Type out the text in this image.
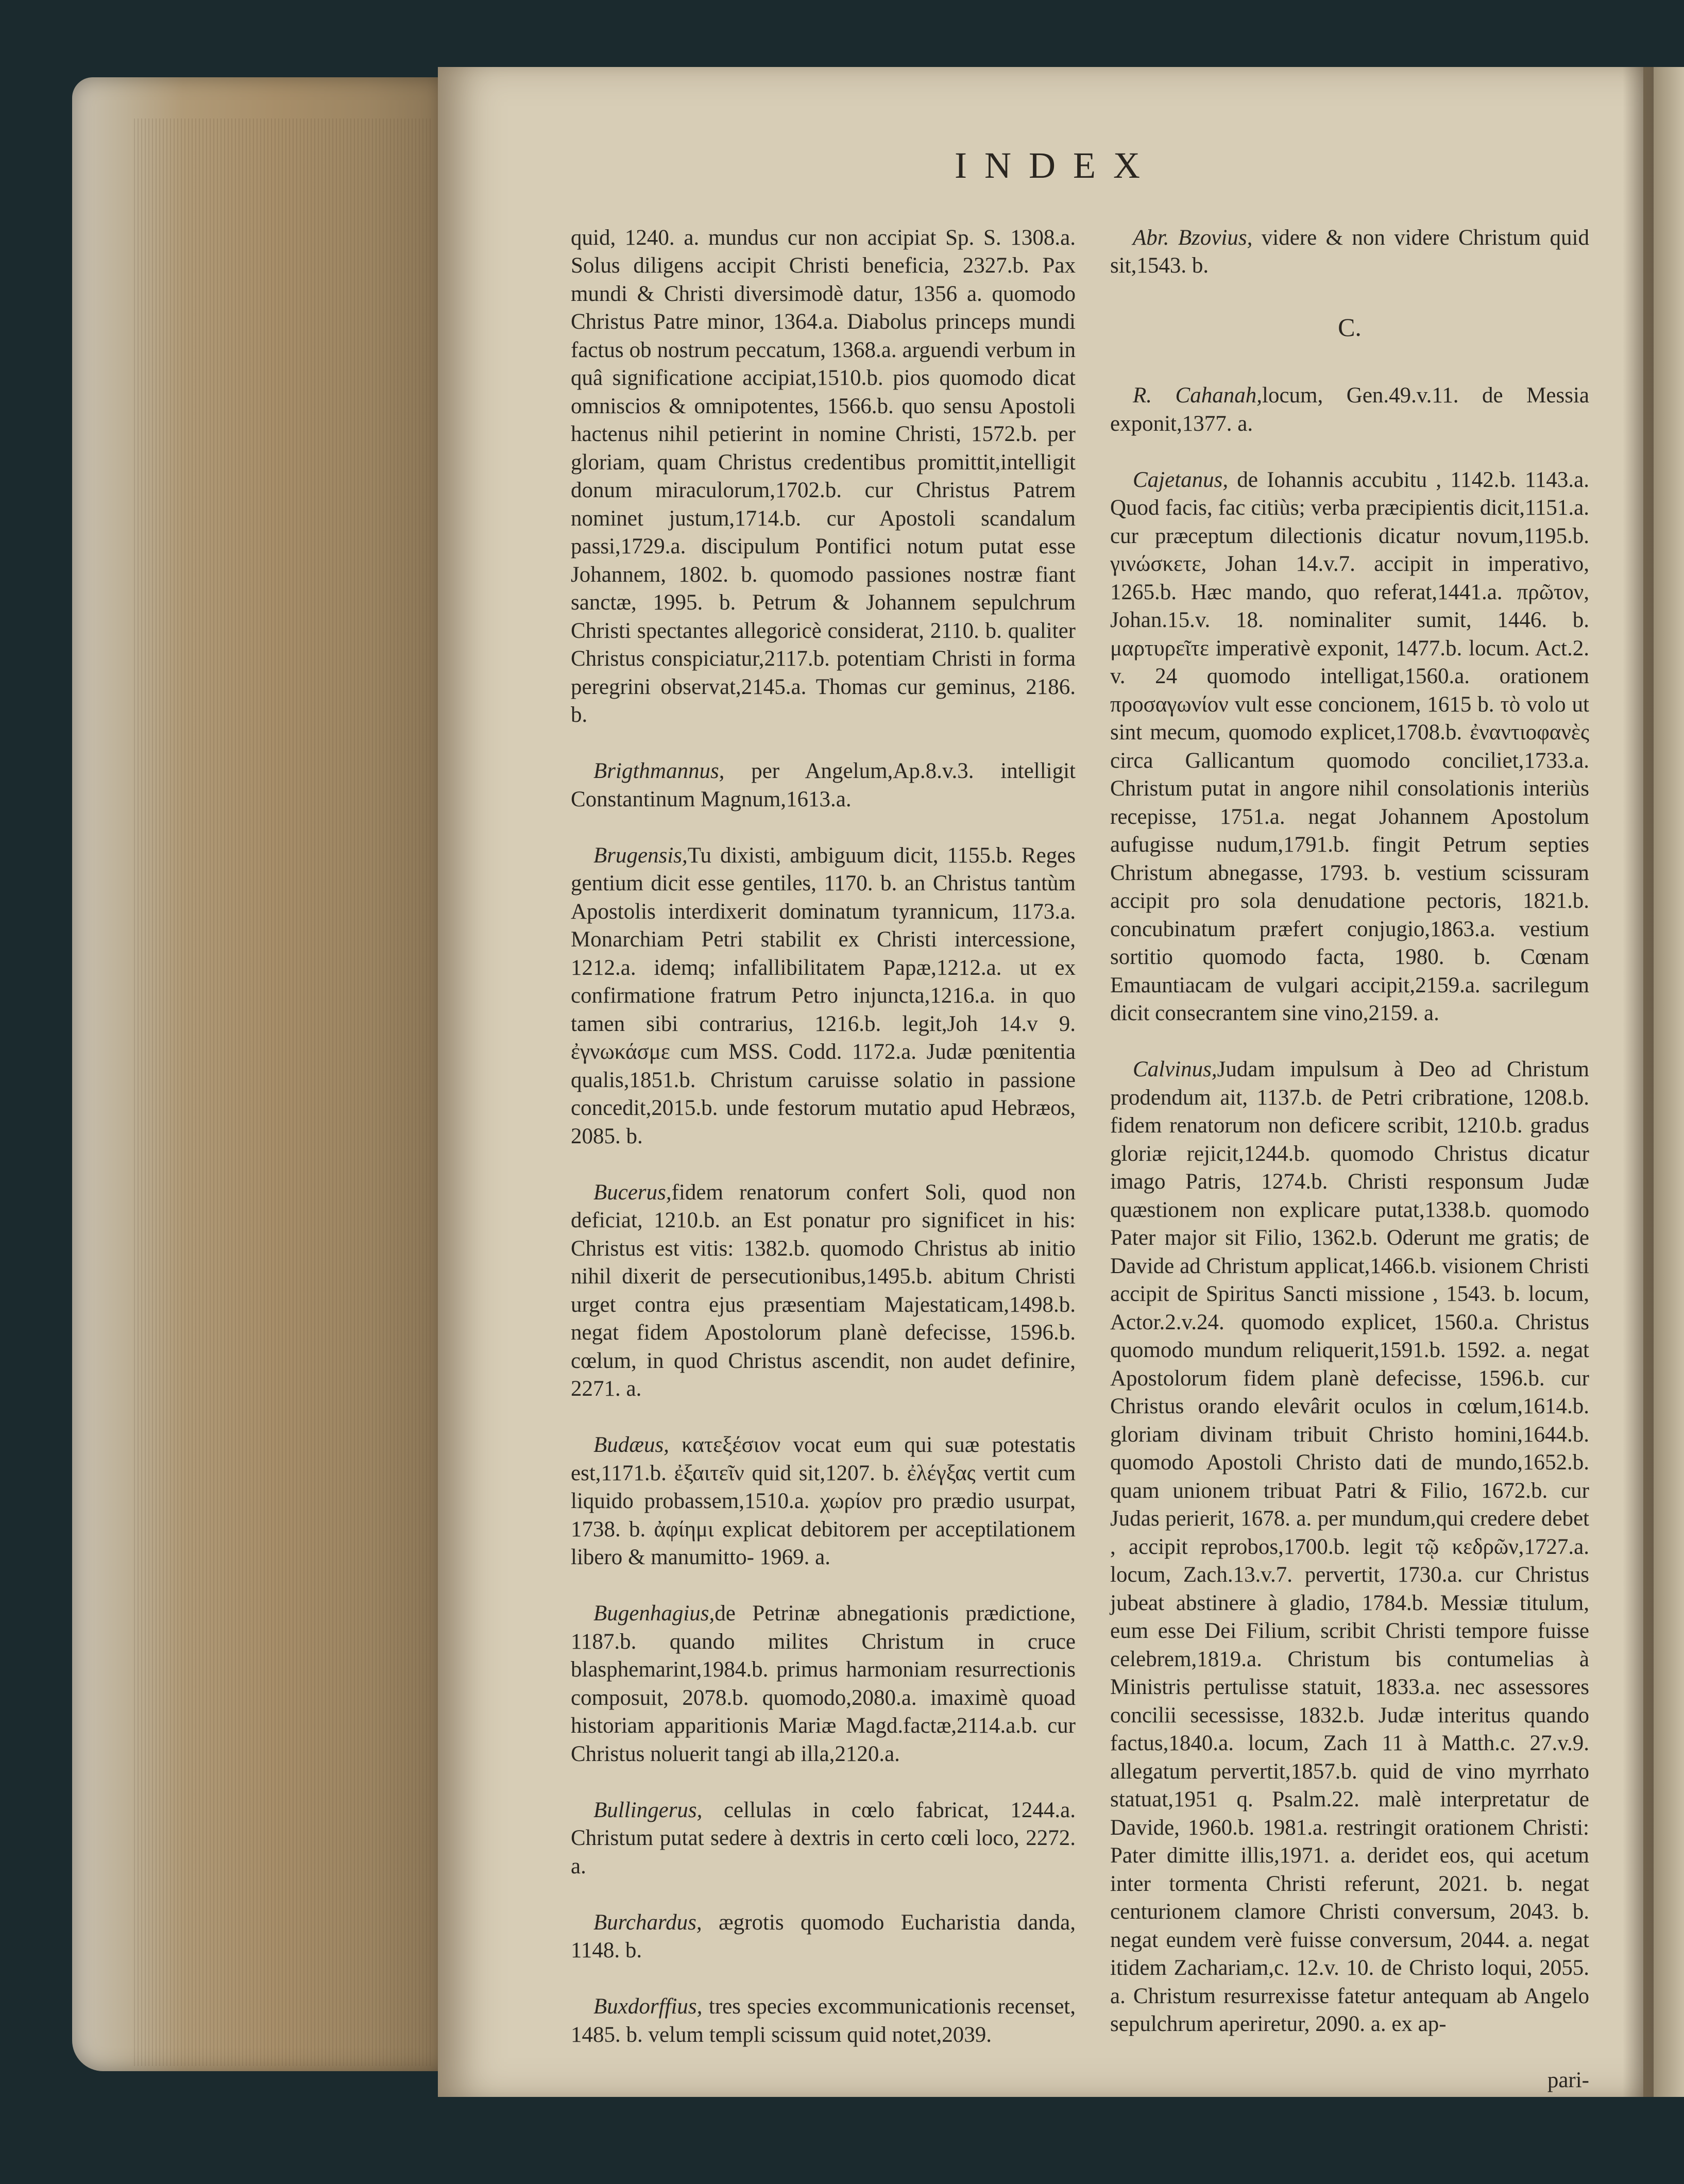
INDEX

quid, 1240. a. mundus cur non accipiat Sp. S. 1308.a. Solus diligens accipit Christi beneficia, 2327.b. Pax mundi & Christi diversimodè datur, 1356 a. quomodo Christus Patre minor, 1364.a. Diabolus princeps mundi factus ob nostrum peccatum, 1368.a. arguendi verbum in quâ significatione accipiat,1510.b. pios quomodo dicat omniscios & omnipotentes, 1566.b. quo sensu Apostoli hactenus nihil petierint in nomine Christi, 1572.b. per gloriam, quam Christus credentibus promittit,intelligit donum miraculorum,1702.b. cur Christus Patrem nominet justum,1714.b. cur Apostoli scandalum passi,1729.a. discipulum Pontifici notum putat esse Johannem, 1802. b. quomodo passiones nostræ fiant sanctæ, 1995. b. Petrum & Johannem sepulchrum Christi spectantes allegoricè considerat, 2110. b. qualiter Christus conspiciatur,2117.b. potentiam Christi in forma peregrini observat,2145.a. Thomas cur geminus, 2186. b.

Brigthmannus, per Angelum,Ap.8.v.3. intelligit Constantinum Magnum,1613.a.

Brugensis,Tu dixisti, ambiguum dicit, 1155.b. Reges gentium dicit esse gentiles, 1170. b. an Christus tantùm Apostolis interdixerit dominatum tyrannicum, 1173.a. Monarchiam Petri stabilit ex Christi intercessione, 1212.a. idemq; infallibilitatem Papæ,1212.a. ut ex confirmatione fratrum Petro injuncta,1216.a. in quo tamen sibi contrarius, 1216.b. legit,Joh 14.v 9. ἐγνωκάσμε cum MSS. Codd. 1172.a. Judæ pœnitentia qualis,1851.b. Christum caruisse solatio in passione concedit,2015.b. unde festorum mutatio apud Hebræos, 2085. b.

Bucerus,fidem renatorum confert Soli, quod non deficiat, 1210.b. an Est ponatur pro significet in his: Christus est vitis: 1382.b. quomodo Christus ab initio nihil dixerit de persecutionibus,1495.b. abitum Christi urget contra ejus præsentiam Majestaticam,1498.b. negat fidem Apostolorum planè defecisse, 1596.b. cœlum, in quod Christus ascendit, non audet definire, 2271. a.

Budæus, κατεξέσιον vocat eum qui suæ potestatis est,1171.b. ἐξαιτεῖν quid sit,1207. b. ἐλέγξας vertit cum liquido probassem,1510.a. χωρίον pro prædio usurpat, 1738. b. ἀφίημι explicat debitorem per acceptilationem libero & manumitto- 1969. a.

Bugenhagius,de Petrinæ abnegationis prædictione, 1187.b. quando milites Christum in cruce blasphemarint,1984.b. primus harmoniam resurrectionis composuit, 2078.b. quomodo,2080.a. imaximè quoad historiam apparitionis Mariæ Magd.factæ,2114.a.b. cur Christus noluerit tangi ab illa,2120.a.

Bullingerus, cellulas in cœlo fabricat, 1244.a. Christum putat sedere à dextris in certo cœli loco, 2272. a.

Burchardus, ægrotis quomodo Eucharistia danda, 1148. b.

Buxdorffius, tres species excommunicationis recenset, 1485. b. velum templi scissum quid notet,2039.

Abr. Bzovius, videre & non videre Christum quid sit,1543. b.

C.

R. Cahanah,locum, Gen.49.v.11. de Messia exponit,1377. a.

Cajetanus, de Iohannis accubitu , 1142.b. 1143.a. Quod facis, fac citiùs; verba præcipientis dicit,1151.a. cur præceptum dilectionis dicatur novum,1195.b. γινώσκετε, Johan 14.v.7. accipit in imperativo, 1265.b. Hæc mando, quo referat,1441.a. πρῶτον, Johan.15.v. 18. nominaliter sumit, 1446. b. μαρτυρεῖτε imperativè exponit, 1477.b. locum. Act.2. v. 24 quomodo intelligat,1560.a. orationem προσαγωνίον vult esse concionem, 1615 b. τὸ volo ut sint mecum, quomodo explicet,1708.b. ἐναντιοφανὲς circa Gallicantum quomodo conciliet,1733.a. Christum putat in angore nihil consolationis interiùs recepisse, 1751.a. negat Johannem Apostolum aufugisse nudum,1791.b. fingit Petrum septies Christum abnegasse, 1793. b. vestium scissuram accipit pro sola denudatione pectoris, 1821.b. concubinatum præfert conjugio,1863.a. vestium sortitio quomodo facta, 1980. b. Cœnam Emauntiacam de vulgari accipit,2159.a. sacrilegum dicit consecrantem sine vino,2159. a.

Calvinus,Judam impulsum à Deo ad Christum prodendum ait, 1137.b. de Petri cribratione, 1208.b. fidem renatorum non deficere scribit, 1210.b. gradus gloriæ rejicit,1244.b. quomodo Christus dicatur imago Patris, 1274.b. Christi responsum Judæ quæstionem non explicare putat,1338.b. quomodo Pater major sit Filio, 1362.b. Oderunt me gratis; de Davide ad Christum applicat,1466.b. visionem Christi accipit de Spiritus Sancti missione , 1543. b. locum, Actor.2.v.24. quomodo explicet, 1560.a. Christus quomodo mundum reliquerit,1591.b. 1592. a. negat Apostolorum fidem planè defecisse, 1596.b. cur Christus orando elevârit oculos in cœlum,1614.b. gloriam divinam tribuit Christo homini,1644.b. quomodo Apostoli Christo dati de mundo,1652.b. quam unionem tribuat Patri & Filio, 1672.b. cur Judas perierit, 1678. a. per mundum,qui credere debet , accipit reprobos,1700.b. legit τῷ κεδρῶν,1727.a. locum, Zach.13.v.7. pervertit, 1730.a. cur Christus jubeat abstinere à gladio, 1784.b. Messiæ titulum, eum esse Dei Filium, scribit Christi tempore fuisse celebrem,1819.a. Christum bis contumelias à Ministris pertulisse statuit, 1833.a. nec assessores concilii secessisse, 1832.b. Judæ interitus quando factus,1840.a. locum, Zach 11 à Matth.c. 27.v.9. allegatum pervertit,1857.b. quid de vino myrrhato statuat,1951 q. Psalm.22. malè interpretatur de Davide, 1960.b. 1981.a. restringit orationem Christi: Pater dimitte illis,1971. a. deridet eos, qui acetum inter tormenta Christi referunt, 2021. b. negat centurionem clamore Christi conversum, 2043. b. negat eundem verè fuisse conversum, 2044. a. negat itidem Zachariam,c. 12.v. 10. de Christo loqui, 2055. a. Christum resurrexisse fatetur antequam ab Angelo sepulchrum aperiretur, 2090. a. ex ap-

pari-
